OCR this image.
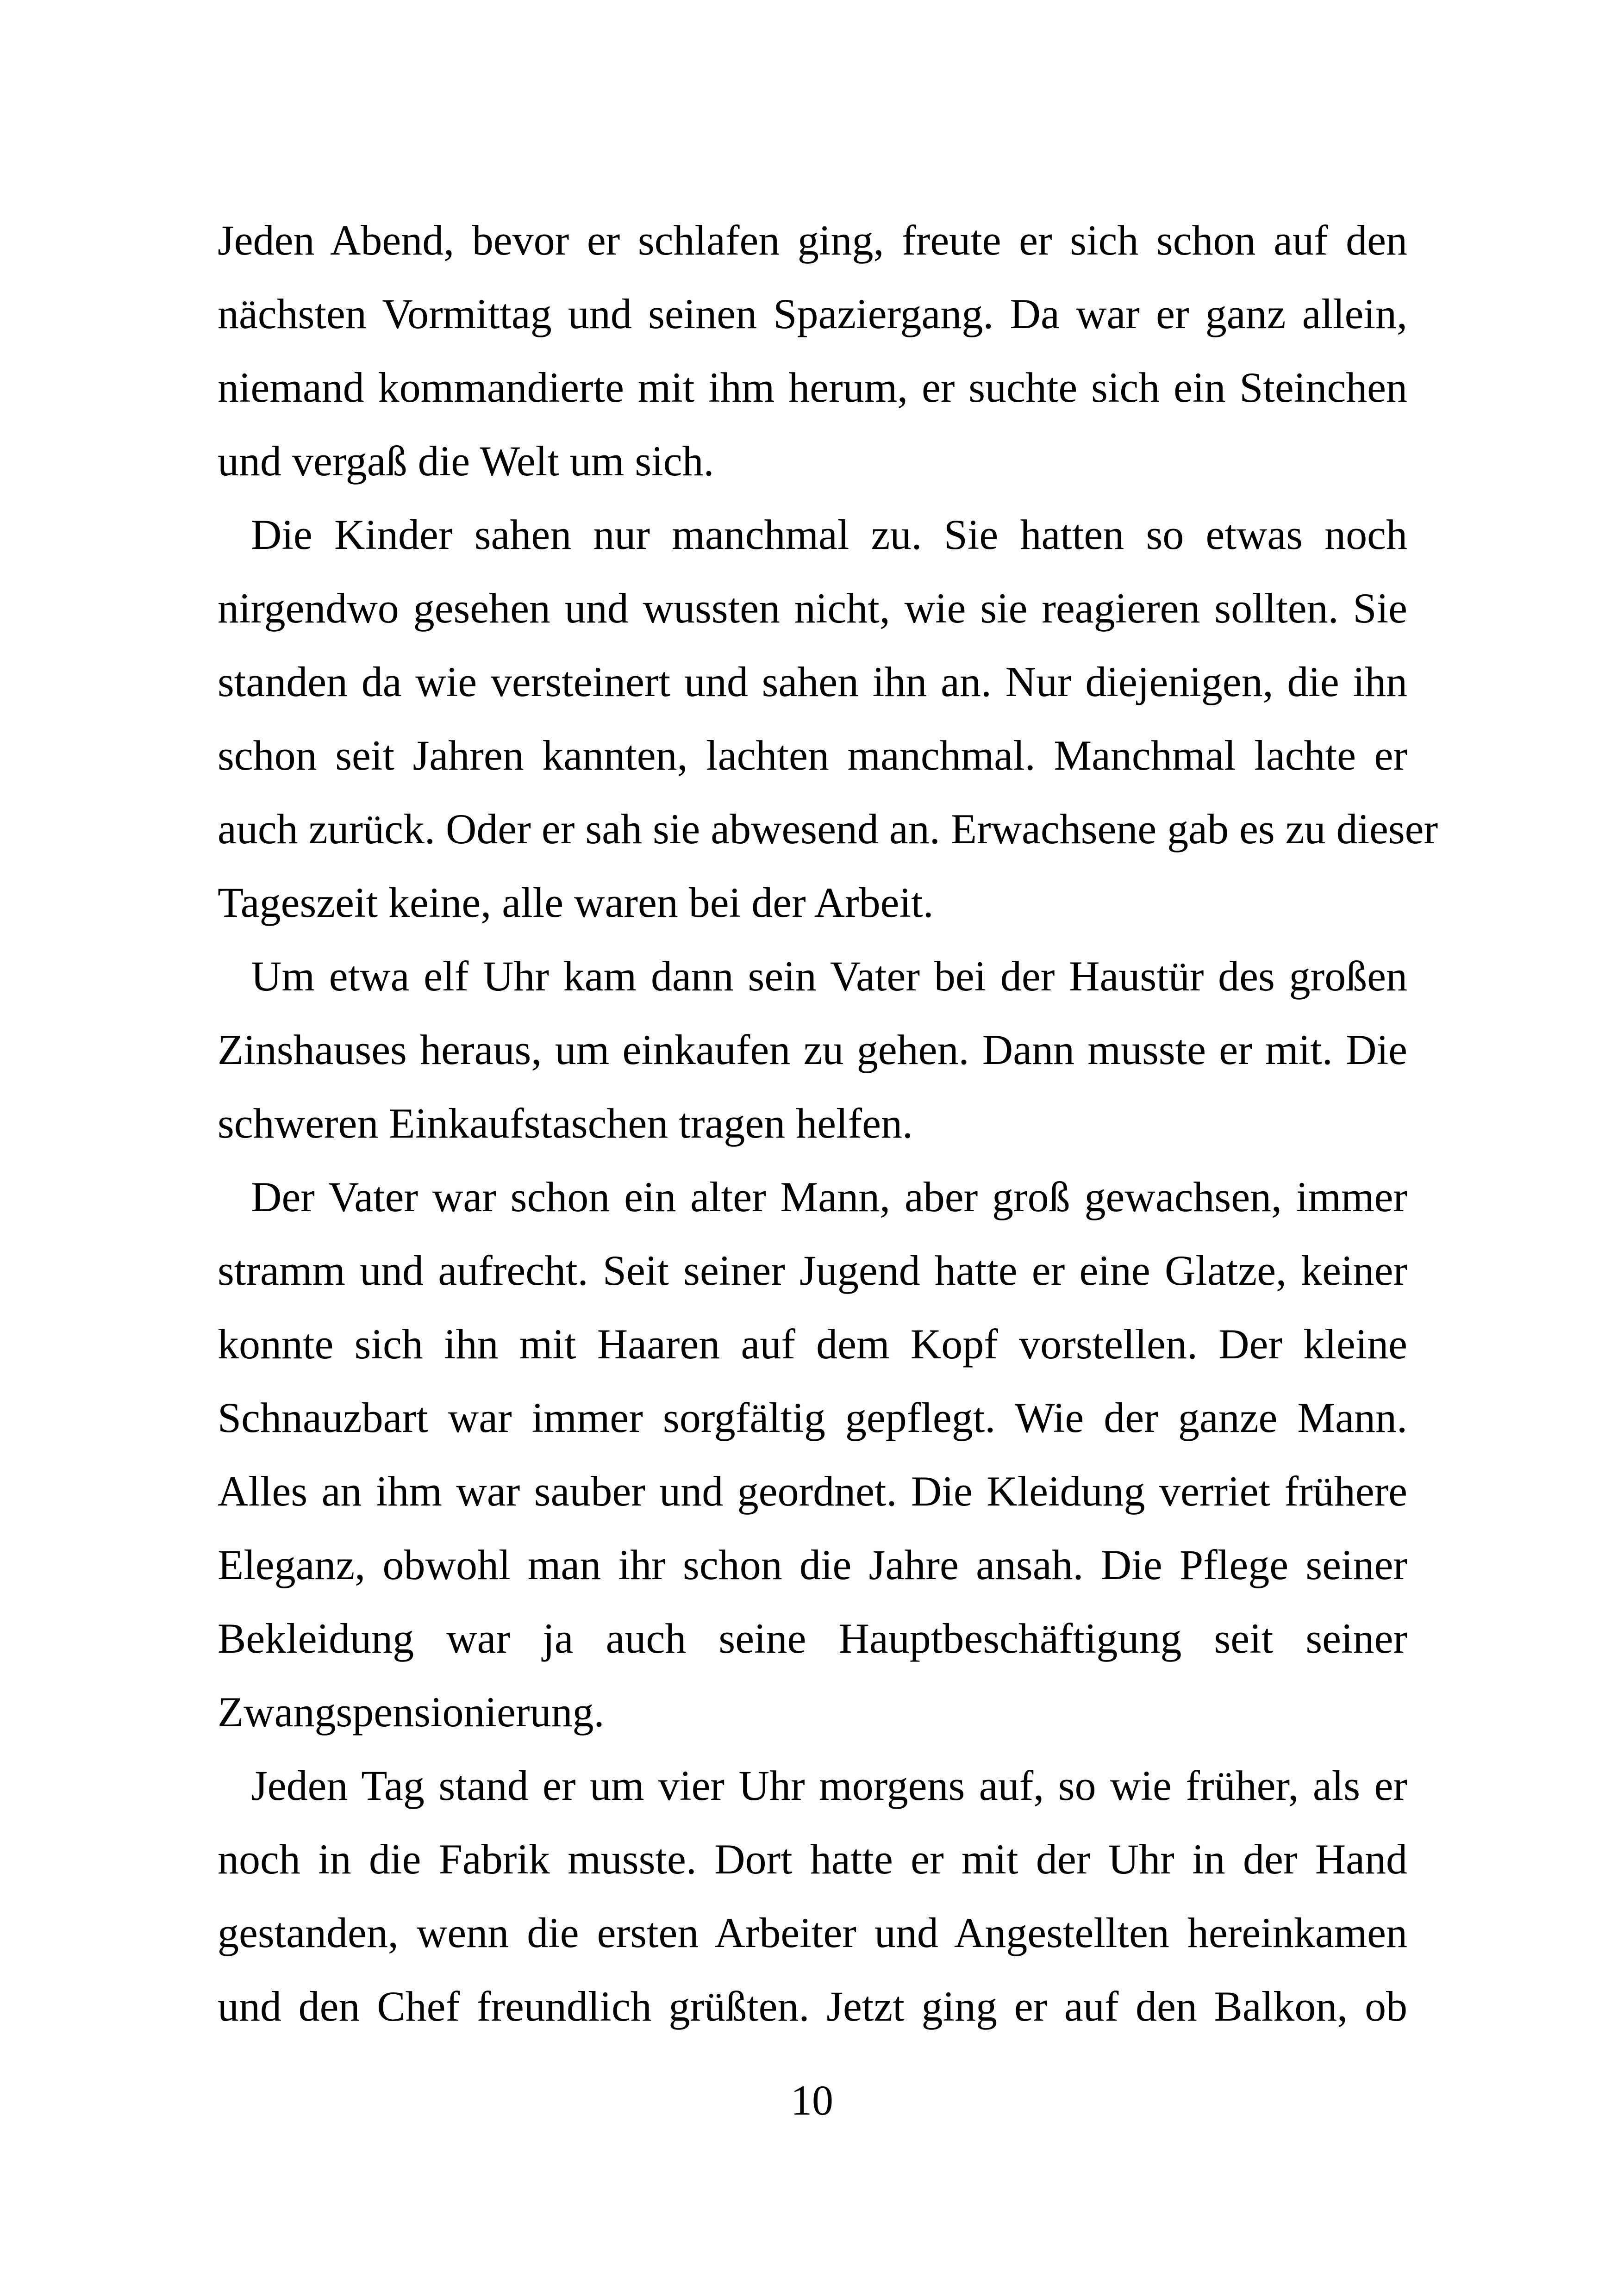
Jeden Abend, bevor er schlafen ging, freute er sich schon auf den
nächsten Vormittag und seinen Spaziergang. Da war er ganz allein,
niemand kommandierte mit ihm herum, er suchte sich ein Steinchen
und vergaß die Welt um sich.
Die Kinder sahen nur manchmal zu. Sie hatten so etwas noch
nirgendwo gesehen und wussten nicht, wie sie reagieren sollten. Sie
standen da wie versteinert und sahen ihn an. Nur diejenigen, die ihn
schon seit Jahren kannten, lachten manchmal. Manchmal lachte er
auch zurück. Oder er sah sie abwesend an. Erwachsene gab es zu dieser
Tageszeit keine, alle waren bei der Arbeit.
Um etwa elf Uhr kam dann sein Vater bei der Haustür des großen
Zinshauses heraus, um einkaufen zu gehen. Dann musste er mit. Die
schweren Einkaufstaschen tragen helfen.
Der Vater war schon ein alter Mann, aber groß gewachsen, immer
stramm und aufrecht. Seit seiner Jugend hatte er eine Glatze, keiner
konnte sich ihn mit Haaren auf dem Kopf vorstellen. Der kleine
Schnauzbart war immer sorgfältig gepflegt. Wie der ganze Mann.
Alles an ihm war sauber und geordnet. Die Kleidung verriet frühere
Eleganz, obwohl man ihr schon die Jahre ansah. Die Pflege seiner
Bekleidung war ja auch seine Hauptbeschäftigung seit seiner
Zwangspensionierung.
Jeden Tag stand er um vier Uhr morgens auf, so wie früher, als er
noch in die Fabrik musste. Dort hatte er mit der Uhr in der Hand
gestanden, wenn die ersten Arbeiter und Angestellten hereinkamen
und den Chef freundlich grüßten. Jetzt ging er auf den Balkon, ob
10
